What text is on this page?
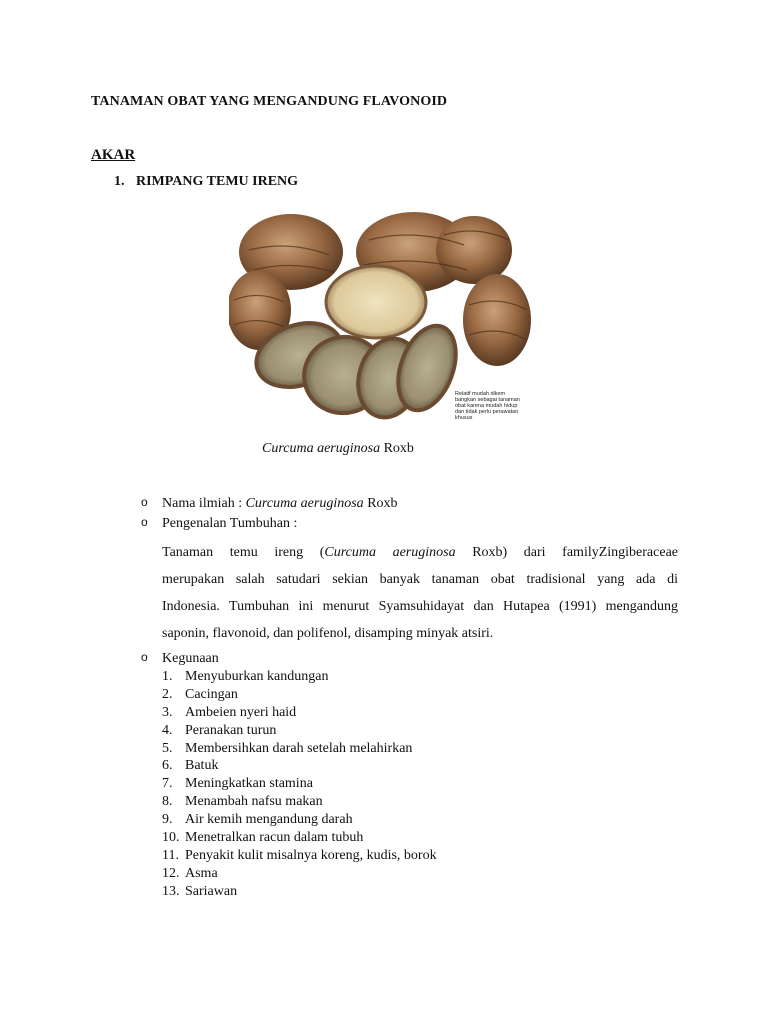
TANAMAN OBAT YANG MENGANDUNG FLAVONOID
AKAR
1. RIMPANG TEMU IRENG
Relatif mudah dikem
bangkan sebagai tanaman
obat karena mudah hidup
dan tidak perlu perawatan
khusus
Curcuma aeruginosa Roxb
o Nama ilmiah : Curcuma aeruginosa Roxb
o Pengenalan Tumbuhan :
Tanaman temu ireng (Curcuma aeruginosa Roxb) dari familyZingiberaceae
merupakan salah satudari sekian banyak tanaman obat tradisional yang ada di
Indonesia. Tumbuhan ini menurut Syamsuhidayat dan Hutapea (1991) mengandung
saponin, flavonoid, dan polifenol, disamping minyak atsiri.
o Kegunaan
1. Menyuburkan kandungan
2. Cacingan
3. Ambeien nyeri haid
4. Peranakan turun
5. Membersihkan darah setelah melahirkan
6. Batuk
7. Meningkatkan stamina
8. Menambah nafsu makan
9. Air kemih mengandung darah
10. Menetralkan racun dalam tubuh
11. Penyakit kulit misalnya koreng, kudis, borok
12. Asma
13. Sariawan
